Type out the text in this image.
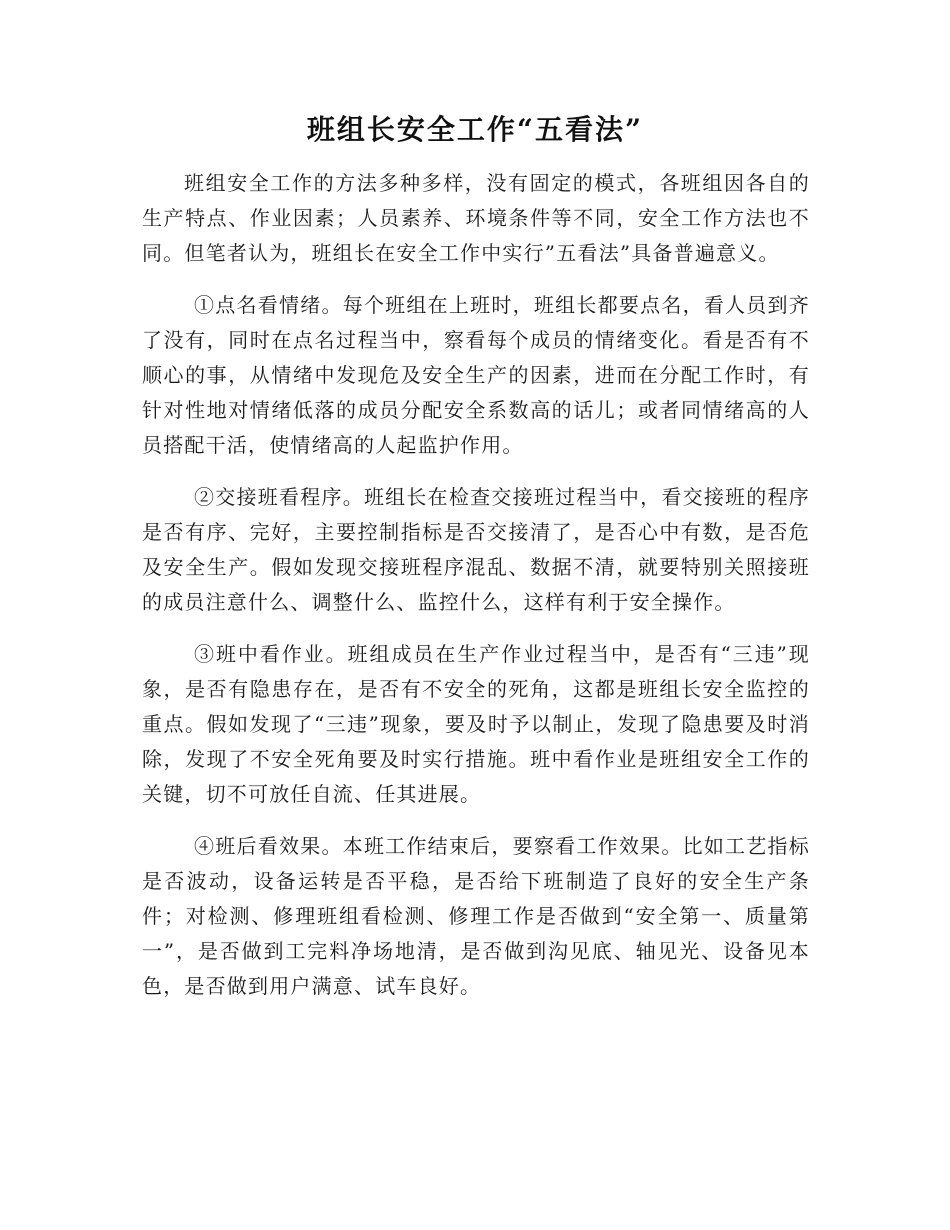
班组长安全工作“五看法”

班组安全工作的方法多种多样，没有固定的模式，各班组因各自的生产特点、作业因素；人员素养、环境条件等不同，安全工作方法也不同。但笔者认为，班组长在安全工作中实行”五看法”具备普遍意义。

①点名看情绪。每个班组在上班时，班组长都要点名，看人员到齐了没有，同时在点名过程当中，察看每个成员的情绪变化。看是否有不顺心的事，从情绪中发现危及安全生产的因素，进而在分配工作时，有针对性地对情绪低落的成员分配安全系数高的话儿；或者同情绪高的人员搭配干活，使情绪高的人起监护作用。

②交接班看程序。班组长在检查交接班过程当中，看交接班的程序是否有序、完好，主要控制指标是否交接清了，是否心中有数，是否危及安全生产。假如发现交接班程序混乱、数据不清，就要特别关照接班的成员注意什么、调整什么、监控什么，这样有利于安全操作。

③班中看作业。班组成员在生产作业过程当中，是否有“三违”现象，是否有隐患存在，是否有不安全的死角，这都是班组长安全监控的重点。假如发现了“三违”现象，要及时予以制止，发现了隐患要及时消除，发现了不安全死角要及时实行措施。班中看作业是班组安全工作的关键，切不可放任自流、任其进展。

④班后看效果。本班工作结束后，要察看工作效果。比如工艺指标是否波动，设备运转是否平稳，是否给下班制造了良好的安全生产条件；对检测、修理班组看检测、修理工作是否做到“安全第一、质量第一”，是否做到工完料净场地清，是否做到沟见底、轴见光、设备见本色，是否做到用户满意、试车良好。
